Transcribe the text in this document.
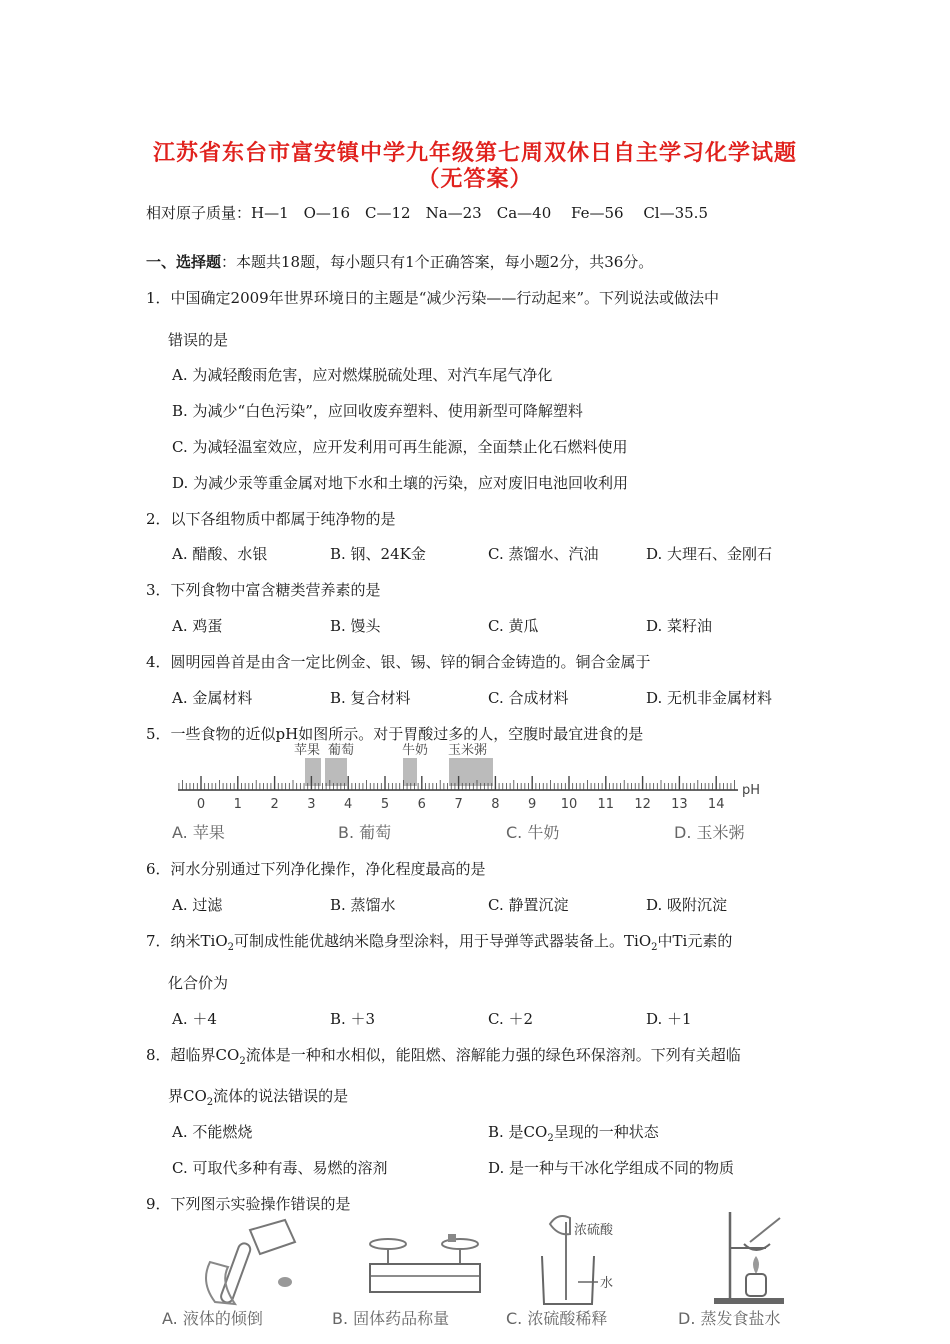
江苏省东台市富安镇中学九年级第七周双休日自主学习化学试题
（无答案）
相对原子质量：H—1　O—16　C—12　Na—23　Ca—40　 Fe—56　 Cl—35.5
一、选择题：本题共18题，每小题只有1个正确答案，每小题2分，共36分。
1．中国确定2009年世界环境日的主题是“减少污染——行动起来”。下列说法或做法中
错误的是
A. 为减轻酸雨危害，应对燃煤脱硫处理、对汽车尾气净化
B. 为减少“白色污染”，应回收废弃塑料、使用新型可降解塑料
C. 为减轻温室效应，应开发利用可再生能源，全面禁止化石燃料使用
D. 为减少汞等重金属对地下水和土壤的污染，应对废旧电池回收利用
2．以下各组物质中都属于纯净物的是
A. 醋酸、水银	B. 钢、24K金	C. 蒸馏水、汽油	D. 大理石、金刚石
3．下列食物中富含糖类营养素的是
A. 鸡蛋	B. 馒头	C. 黄瓜	D. 菜籽油
4．圆明园兽首是由含一定比例金、银、锡、锌的铜合金铸造的。铜合金属于
A. 金属材料	B. 复合材料	C. 合成材料	D. 无机非金属材料
5．一些食物的近似pH如图所示。对于胃酸过多的人，空腹时最宜进食的是
苹果 葡萄	牛奶 玉米粥
0 1 2 3 4 5 6 7 8 9 10 11 12 13 14
pH
A. 苹果	B. 葡萄	C. 牛奶	D. 玉米粥
6．河水分别通过下列净化操作，净化程度最高的是
A. 过滤	B. 蒸馏水	C. 静置沉淀	D. 吸附沉淀
7．纳米TiO$_2$可制成性能优越纳米隐身型涂料，用于导弹等武器装备上。TiO$_2$中Ti元素的
化合价为
A. ＋4	B. ＋3	C. ＋2	D. ＋1
8．超临界$CO_2$流体是一种和水相似，能阻燃、溶解能力强的绿色环保溶剂。下列有关超临
界$CO_2$流体的说法错误的是
A. 不能燃烧	B. 是$CO_2$呈现的一种状态
C. 可取代多种有毒、易燃的溶剂	D. 是一种与干冰化学组成不同的物质
9．下列图示实验操作错误的是
浓硫酸
水
A. 液体的倾倒	B. 固体药品称量	C. 浓硫酸稀释	D. 蒸发食盐水
